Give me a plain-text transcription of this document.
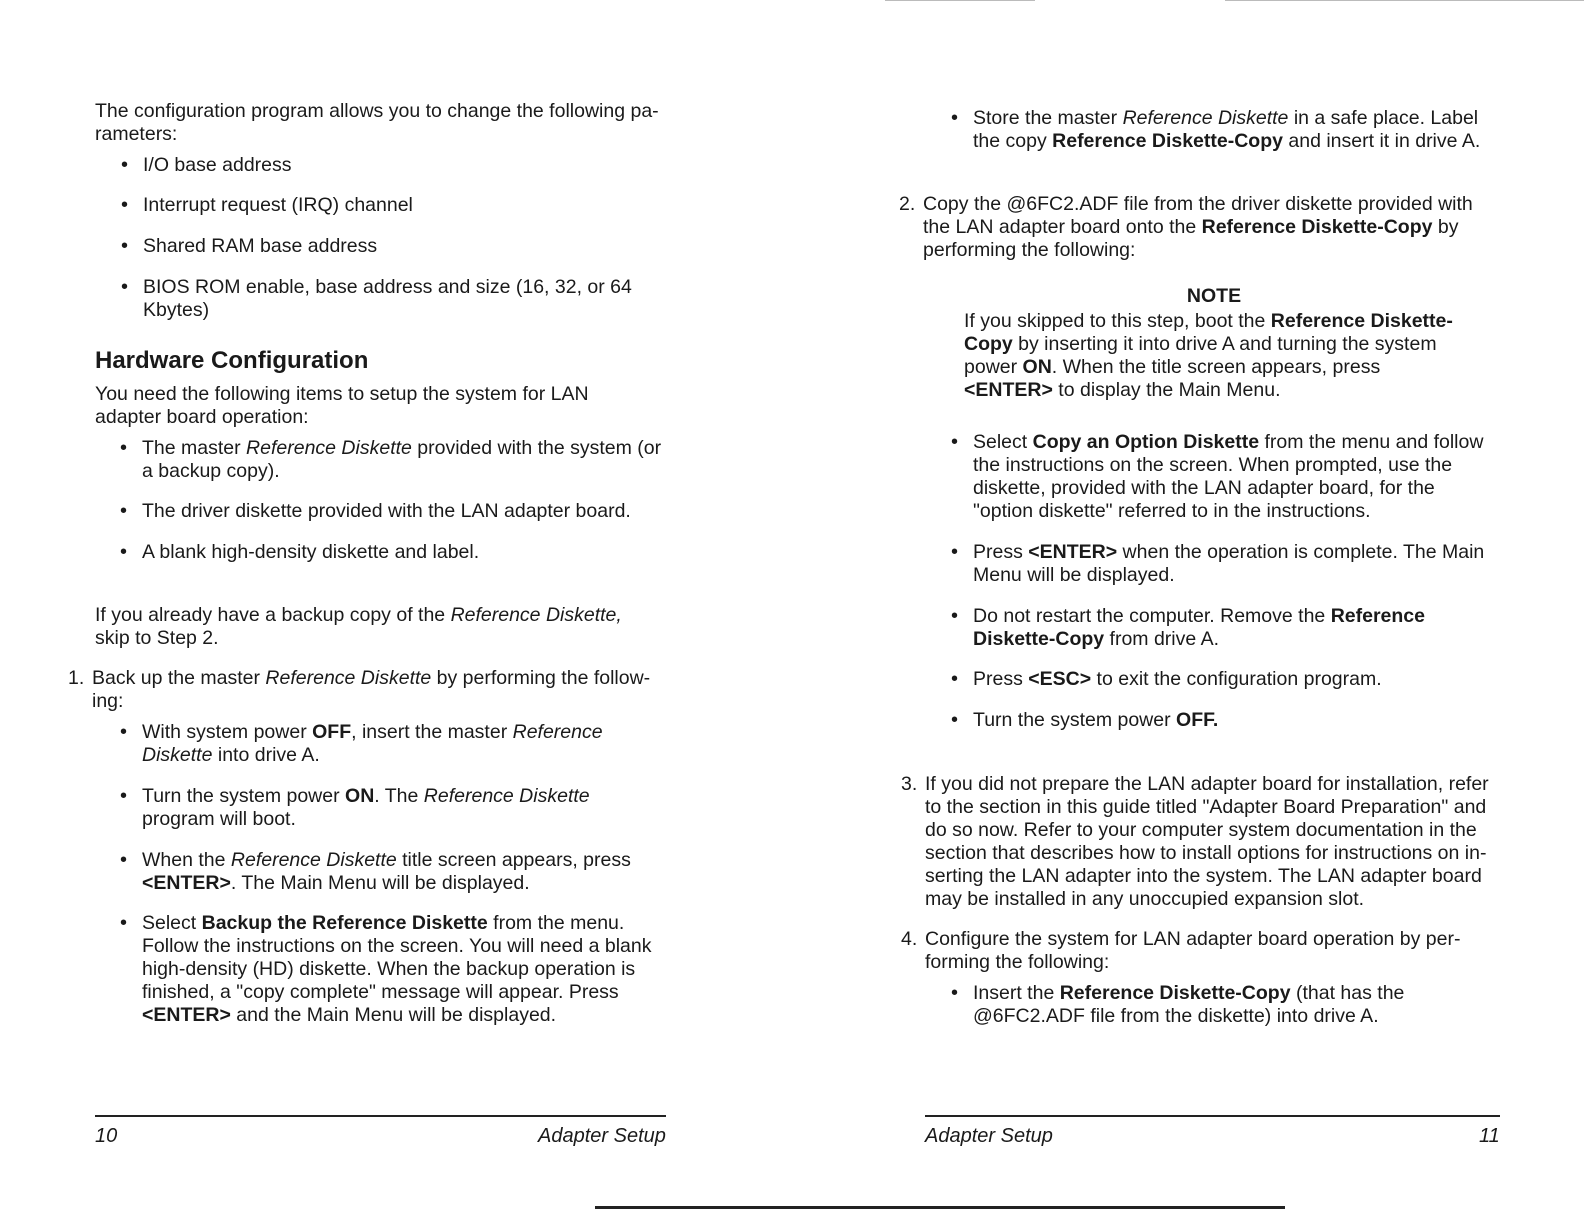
The configuration program allows you to change the following pa-
rameters:

• I/O base address
• Interrupt request (IRQ) channel
• Shared RAM base address
• BIOS ROM enable, base address and size (16, 32, or 64 Kbytes)
Hardware Configuration

You need the following items to setup the system for LAN adapter board operation:

• The master Reference Diskette provided with the system (or a backup copy).
• The driver diskette provided with the LAN adapter board.
• A blank high-density diskette and label.

If you already have a backup copy of the Reference Diskette, skip to Step 2.

1. Back up the master Reference Diskette by performing the follow-ing:
• With system power OFF, insert the master Reference Diskette into drive A.
• Turn the system power ON. The Reference Diskette program will boot.
• When the Reference Diskette title screen appears, press <ENTER>. The Main Menu will be displayed.
• Select Backup the Reference Diskette from the menu. Follow the instructions on the screen. You will need a blank high-density (HD) diskette. When the backup operation is finished, a "copy complete" message will appear. Press <ENTER> and the Main Menu will be displayed.
10	Adapter Setup
• Store the master Reference Diskette in a safe place. Label the copy Reference Diskette-Copy and insert it in drive A.
2. Copy the @6FC2.ADF file from the driver diskette provided with the LAN adapter board onto the Reference Diskette-Copy by performing the following:
NOTE
If you skipped to this step, boot the Reference Diskette-Copy by inserting it into drive A and turning the system power ON. When the title screen appears, press <ENTER> to display the Main Menu.
• Select Copy an Option Diskette from the menu and follow the instructions on the screen. When prompted, use the diskette, provided with the LAN adapter board, for the "option diskette" referred to in the instructions.
• Press <ENTER> when the operation is complete. The Main Menu will be displayed.
• Do not restart the computer. Remove the Reference Diskette-Copy from drive A.
• Press <ESC> to exit the configuration program.
• Turn the system power OFF.
3. If you did not prepare the LAN adapter board for installation, refer to the section in this guide titled "Adapter Board Preparation" and do so now. Refer to your computer system documentation in the section that describes how to install options for instructions on in-serting the LAN adapter into the system. The LAN adapter board may be installed in any unoccupied expansion slot.
4. Configure the system for LAN adapter board operation by per-forming the following:
• Insert the Reference Diskette-Copy (that has the @6FC2.ADF file from the diskette) into drive A.
Adapter Setup	11
